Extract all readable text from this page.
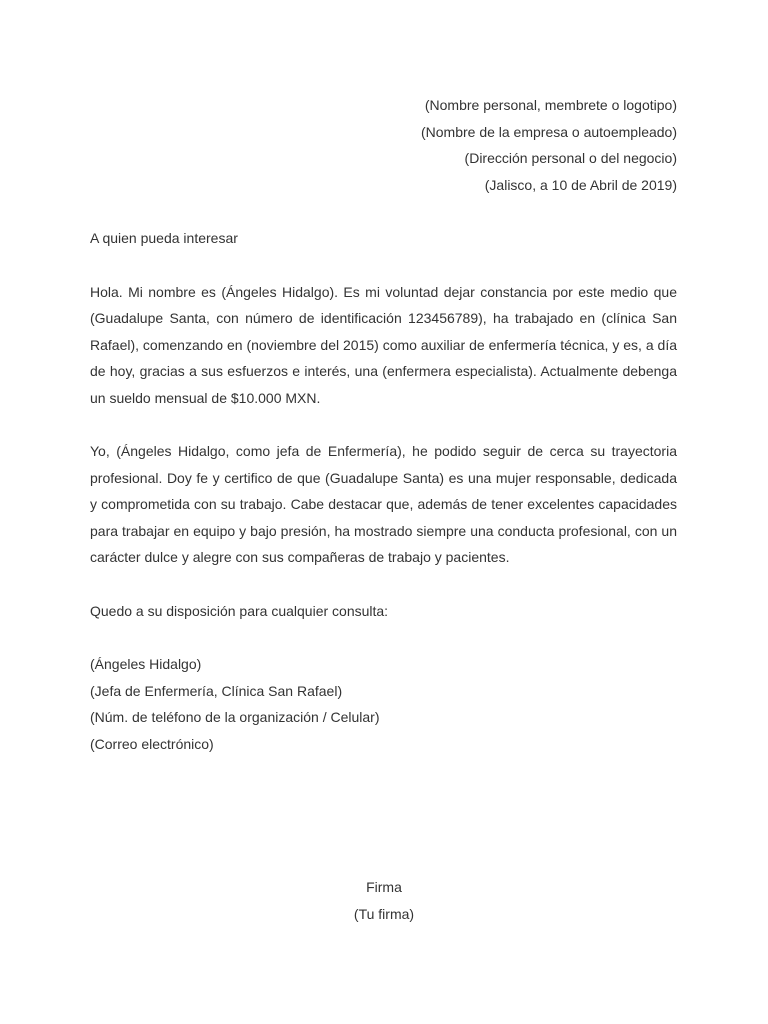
(Nombre personal, membrete o logotipo)
(Nombre de la empresa o autoempleado)
(Dirección personal o del negocio)
(Jalisco, a 10 de Abril de 2019)
A quien pueda interesar
Hola. Mi nombre es (Ángeles Hidalgo). Es mi voluntad dejar constancia por este medio que (Guadalupe Santa, con número de identificación 123456789), ha trabajado en (clínica San Rafael), comenzando en (noviembre del 2015) como auxiliar de enfermería técnica, y es, a día de hoy, gracias a sus esfuerzos e interés, una (enfermera especialista). Actualmente debenga un sueldo mensual de $10.000 MXN.
Yo, (Ángeles Hidalgo, como jefa de Enfermería), he podido seguir de cerca su trayectoria profesional. Doy fe y certifico de que (Guadalupe Santa) es una mujer responsable, dedicada y comprometida con su trabajo. Cabe destacar que, además de tener excelentes capacidades para trabajar en equipo y bajo presión, ha mostrado siempre una conducta profesional, con un carácter dulce y alegre con sus compañeras de trabajo y pacientes.
Quedo a su disposición para cualquier consulta:
(Ángeles Hidalgo)
(Jefa de Enfermería, Clínica San Rafael)
(Núm. de teléfono de la organización / Celular)
(Correo electrónico)
Firma
(Tu firma)
